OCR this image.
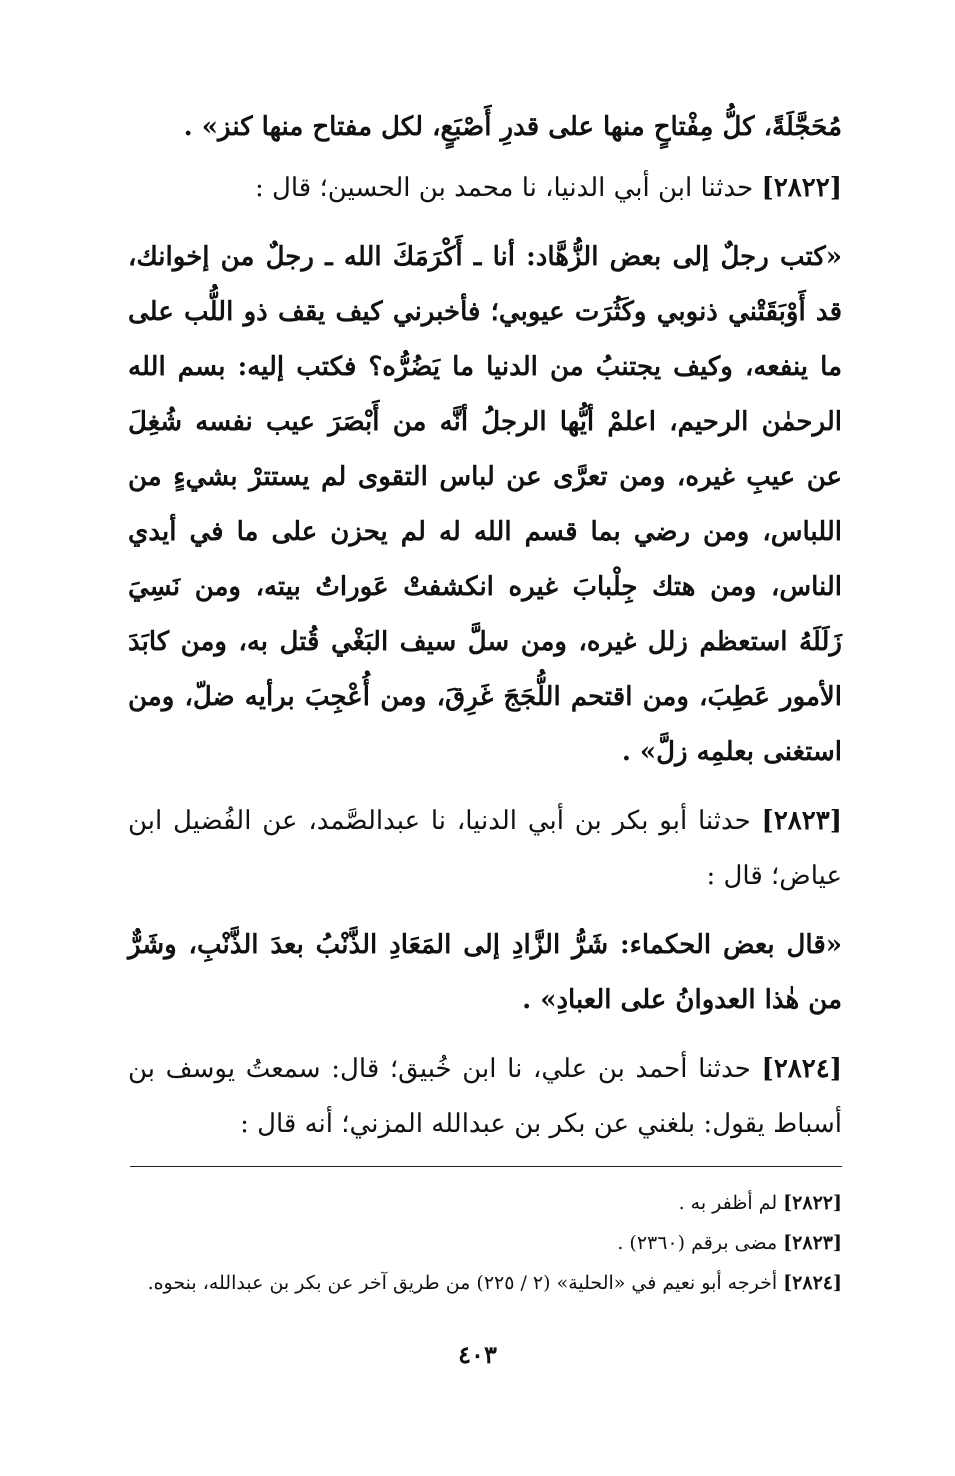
مُحَجَّلَةً، كلُّ مِفْتاحٍ منها على قدرِ أَصْبَعٍ، لكل مفتاح منها كنز» .

[٢٨٢٢] حدثنا ابن أبي الدنيا، نا محمد بن الحسين؛ قال :

«كتب رجلٌ إلى بعض الزُّهَّاد: أنا ـ أَكْرَمَكَ الله ـ رجلٌ من إخوانك، قد أَوْبَقَتْني ذنوبي وكَثُرَت عيوبي؛ فأخبرني كيف يقف ذو اللُّب على ما ينفعه، وكيف يجتنبُ من الدنيا ما يَضُرُّه؟ فكتب إليه: بسم الله الرحمٰن الرحيم، اعلمْ أيُّها الرجلُ أنَّه من أَبْصَرَ عيب نفسه شُغِلَ عن عيبِ غيره، ومن تعرَّى عن لباس التقوى لم يستترْ بشيءٍ من اللباس، ومن رضي بما قسم الله له لم يحزن على ما في أيدي الناس، ومن هتك جِلْبابَ غيره انكشفتْ عَوراتُ بيته، ومن نَسِيَ زَلَلَهُ استعظم زلل غيره، ومن سلَّ سيف البَغْي قُتل به، ومن كابَدَ الأمور عَطِبَ، ومن اقتحم اللُّجَجَ غَرِقَ، ومن أُعْجِبَ برأيه ضلّ، ومن استغنى بعلمِه زلَّ» .

[٢٨٢٣] حدثنا أبو بكر بن أبي الدنيا، نا عبدالصَّمد، عن الفُضيل ابن عياض؛ قال :

«قال بعض الحكماء: شَرُّ الزَّادِ إلى المَعَادِ الذَّنْبُ بعدَ الذَّنْبِ، وشَرٌّ من هٰذا العدوانُ على العبادِ» .

[٢٨٢٤] حدثنا أحمد بن علي، نا ابن خُبيق؛ قال: سمعتُ يوسف بن أسباط يقول: بلغني عن بكر بن عبدالله المزني؛ أنه قال :

[٢٨٢٢] لم أظفر به .

[٢٨٢٣] مضى برقم (٢٣٦٠) .

[٢٨٢٤] أخرجه أبو نعيم في «الحلية» (٢ / ٢٢٥) من طريق آخر عن بكر بن عبدالله، بنحوه.

٤٠٣
